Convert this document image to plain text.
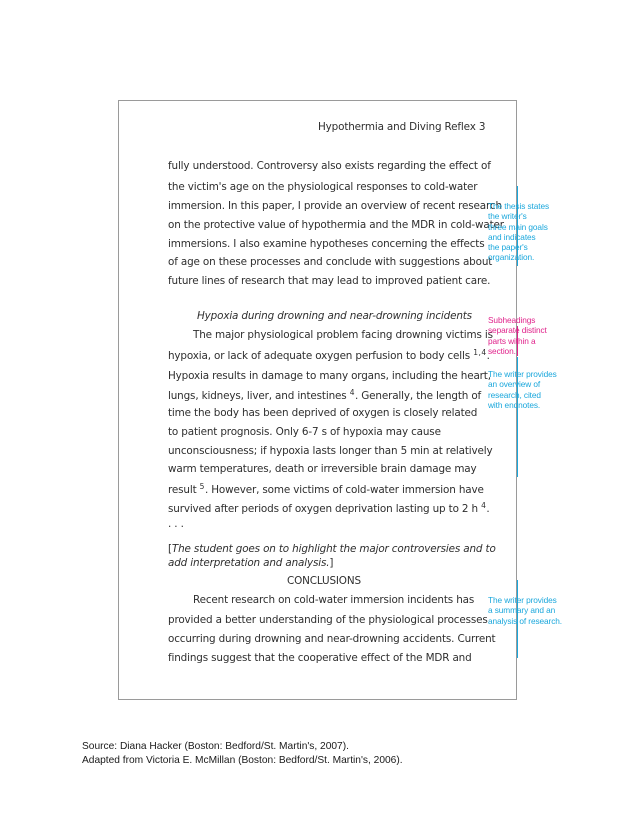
Hypothermia and Diving Reflex 3
fully understood. Controversy also exists regarding the effect of
the victim's age on the physiological responses to cold-water
immersion. In this paper, I provide an overview of recent research
on the protective value of hypothermia and the MDR in cold-water
immersions. I also examine hypotheses concerning the effects
of age on these processes and conclude with suggestions about
future lines of research that may lead to improved patient care.
Hypoxia during drowning and near-drowning incidents
The major physiological problem facing drowning victims is
hypoxia, or lack of adequate oxygen perfusion to body cells $^{1,4}$.
Hypoxia results in damage to many organs, including the heart,
lungs, kidneys, liver, and intestines $^4$. Generally, the length of
time the body has been deprived of oxygen is closely related
to patient prognosis. Only 6-7 s of hypoxia may cause
unconsciousness; if hypoxia lasts longer than 5 min at relatively
warm temperatures, death or irreversible brain damage may
result $^5$. However, some victims of cold-water immersion have
survived after periods of oxygen deprivation lasting up to 2 h $^4$.
. . .
[The student goes on to highlight the major controversies and to
add interpretation and analysis.]
CONCLUSIONS
Recent research on cold-water immersion incidents has
provided a better understanding of the physiological processes
occurring during drowning and near-drowning accidents. Current
findings suggest that the cooperative effect of the MDR and
The thesis states
the writer's
three main goals
and indicates
the paper's
organization.
Subheadings
separate distinct
parts within a
section.
The writer provides
an overview of
research, cited
with endnotes.
The writer provides
a summary and an
analysis of research.
Source: Diana Hacker (Boston: Bedford/St. Martin's, 2007).
Adapted from Victoria E. McMillan (Boston: Bedford/St. Martin's, 2006).
